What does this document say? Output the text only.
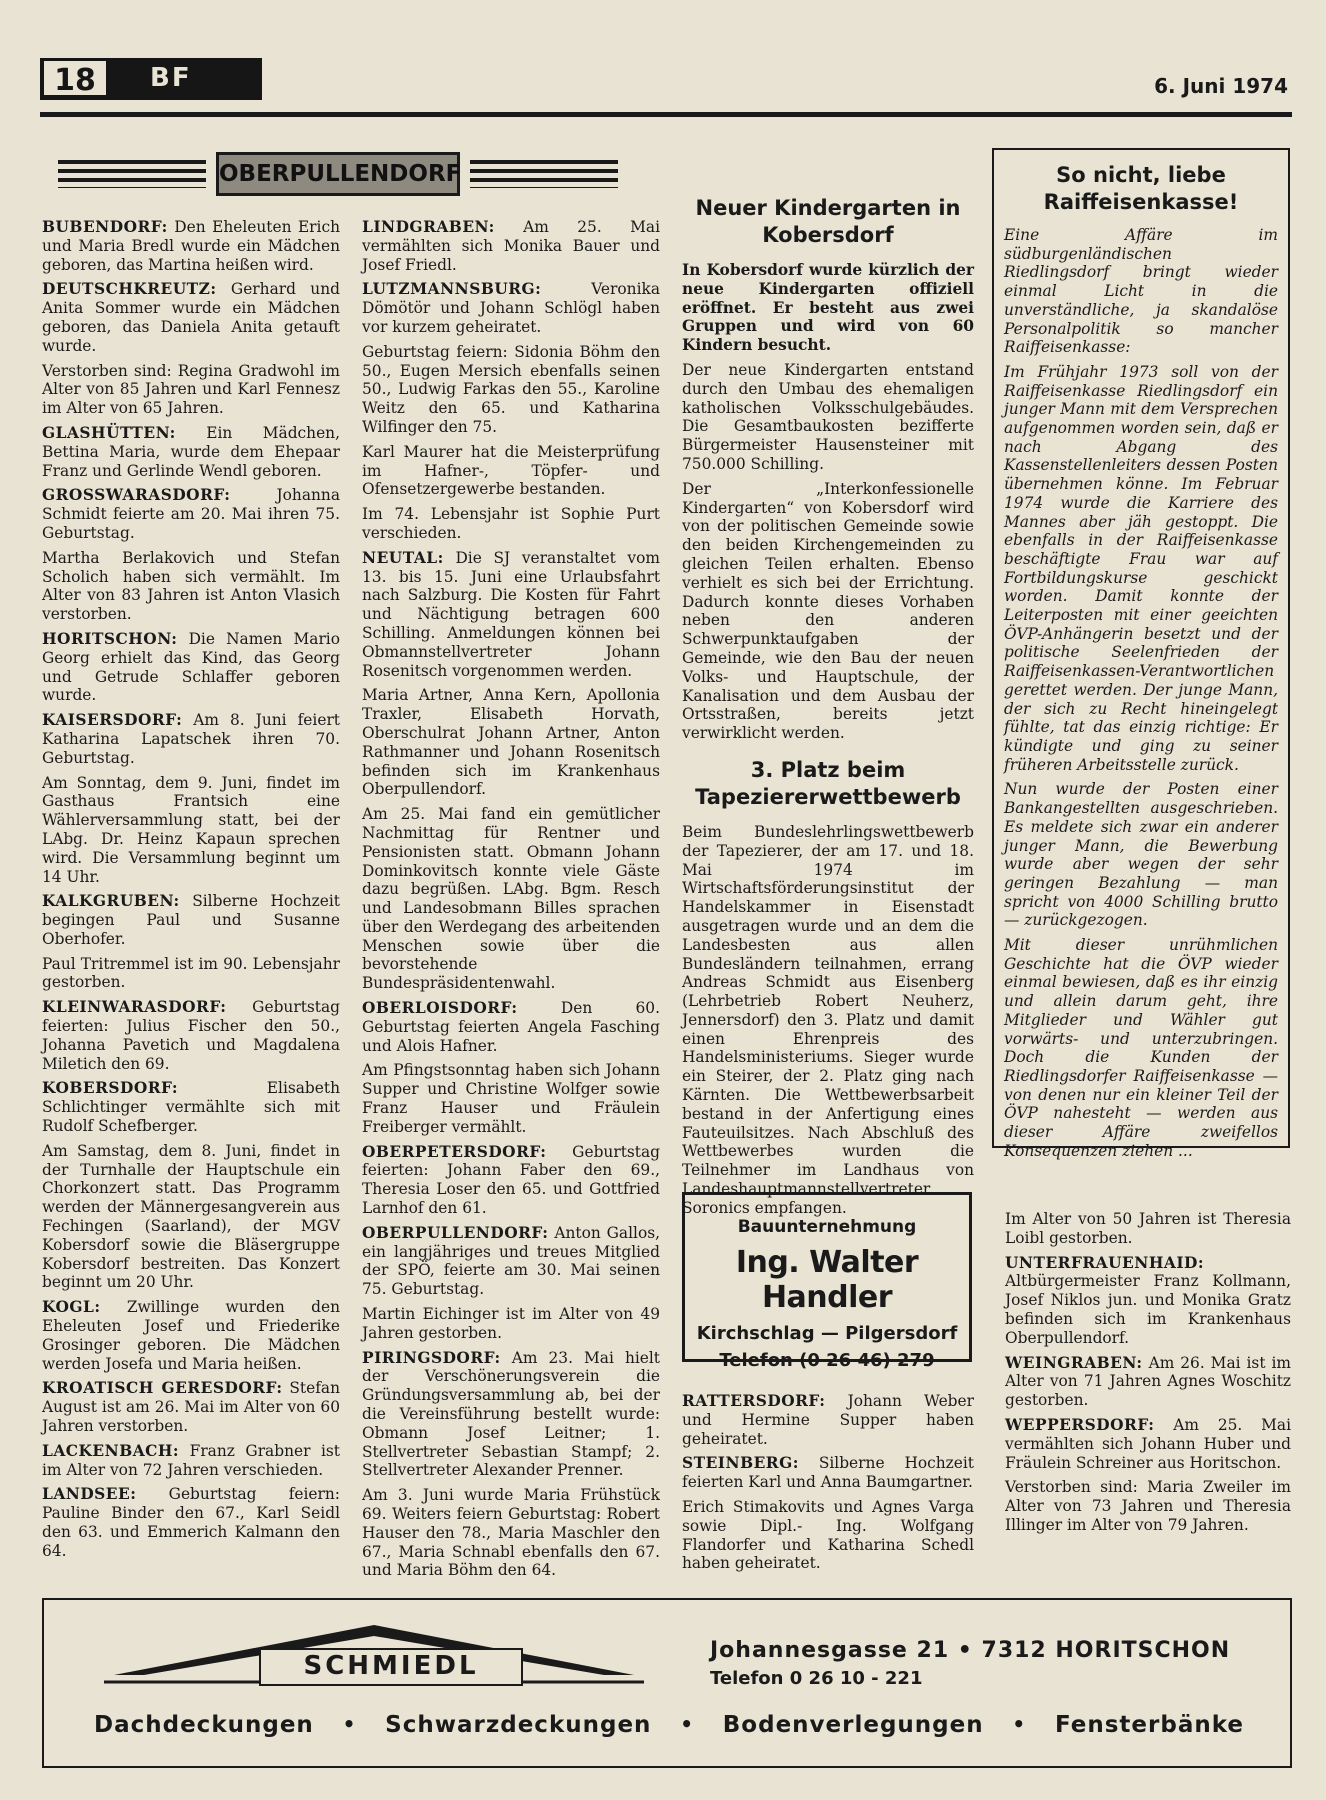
18	BF	6. Juni 1974
OBERPULLENDORF

BUBENDORF: Den Eheleuten Erich und Maria Bredl wurde ein Mädchen geboren, das Martina heißen wird.

DEUTSCHKREUTZ: Gerhard und Anita Sommer wurde ein Mädchen geboren, das Daniela Anita getauft wurde.

Verstorben sind: Regina Gradwohl im Alter von 85 Jahren und Karl Fennesz im Alter von 65 Jahren.

GLASHÜTTEN: Ein Mädchen, Bettina Maria, wurde dem Ehepaar Franz und Gerlinde Wendl geboren.

GROSSWARASDORF: Johanna Schmidt feierte am 20. Mai ihren 75. Geburtstag.

Martha Berlakovich und Stefan Scholich haben sich vermählt. Im Alter von 83 Jahren ist Anton Vlasich verstorben.

HORITSCHON: Die Namen Mario Georg erhielt das Kind, das Georg und Getrude Schlaffer geboren wurde.

KAISERSDORF: Am 8. Juni feiert Katharina Lapatschek ihren 70. Geburtstag.

Am Sonntag, dem 9. Juni, findet im Gasthaus Frantsich eine Wählerversammlung statt, bei der LAbg. Dr. Heinz Kapaun sprechen wird. Die Versammlung beginnt um 14 Uhr.

KALKGRUBEN: Silberne Hochzeit begingen Paul und Susanne Oberhofer.

Paul Tritremmel ist im 90. Lebensjahr gestorben.

KLEINWARASDORF: Geburtstag feierten: Julius Fischer den 50., Johanna Pavetich und Magdalena Miletich den 69.

KOBERSDORF: Elisabeth Schlichtinger vermählte sich mit Rudolf Schefberger.

Am Samstag, dem 8. Juni, findet in der Turnhalle der Hauptschule ein Chorkonzert statt. Das Programm werden der Männergesangverein aus Fechingen (Saarland), der MGV Kobersdorf sowie die Bläsergruppe Kobersdorf bestreiten. Das Konzert beginnt um 20 Uhr.

KOGL: Zwillinge wurden den Eheleuten Josef und Friederike Grosinger geboren. Die Mädchen werden Josefa und Maria heißen.

KROATISCH GERESDORF: Stefan August ist am 26. Mai im Alter von 60 Jahren verstorben.

LACKENBACH: Franz Grabner ist im Alter von 72 Jahren verschieden.

LANDSEE: Geburtstag feiern: Pauline Binder den 67., Karl Seidl den 63. und Emmerich Kalmann den 64.

LINDGRABEN: Am 25. Mai vermählten sich Monika Bauer und Josef Friedl.

LUTZMANNSBURG: Veronika Dömötör und Johann Schlögl haben vor kurzem geheiratet.

Geburtstag feiern: Sidonia Böhm den 50., Eugen Mersich ebenfalls seinen 50., Ludwig Farkas den 55., Karoline Weitz den 65. und Katharina Wilfinger den 75.

Karl Maurer hat die Meisterprüfung im Hafner-, Töpfer- und Ofensetzergewerbe bestanden.

Im 74. Lebensjahr ist Sophie Purt verschieden.

NEUTAL: Die SJ veranstaltet vom 13. bis 15. Juni eine Urlaubsfahrt nach Salzburg. Die Kosten für Fahrt und Nächtigung betragen 600 Schilling. Anmeldungen können bei Obmannstellvertreter Johann Rosenitsch vorgenommen werden.

Maria Artner, Anna Kern, Apollonia Traxler, Elisabeth Horvath, Oberschulrat Johann Artner, Anton Rathmanner und Johann Rosenitsch befinden sich im Krankenhaus Oberpullendorf.

Am 25. Mai fand ein gemütlicher Nachmittag für Rentner und Pensionisten statt. Obmann Johann Dominkovitsch konnte viele Gäste dazu begrüßen. LAbg. Bgm. Resch und Landesobmann Billes sprachen über den Werdegang des arbeitenden Menschen sowie über die bevorstehende Bundespräsidentenwahl.

OBERLOISDORF: Den 60. Geburtstag feierten Angela Fasching und Alois Hafner.

Am Pfingstsonntag haben sich Johann Supper und Christine Wolfger sowie Franz Hauser und Fräulein Freiberger vermählt.

OBERPETERSDORF: Geburtstag feierten: Johann Faber den 69., Theresia Loser den 65. und Gottfried Larnhof den 61.

OBERPULLENDORF: Anton Gallos, ein langjähriges und treues Mitglied der SPÖ, feierte am 30. Mai seinen 75. Geburtstag.

Martin Eichinger ist im Alter von 49 Jahren gestorben.

PIRINGSDORF: Am 23. Mai hielt der Verschönerungsverein die Gründungsversammlung ab, bei der die Vereinsführung bestellt wurde: Obmann Josef Leitner; 1. Stellvertreter Sebastian Stampf; 2. Stellvertreter Alexander Prenner.

Am 3. Juni wurde Maria Frühstück 69. Weiters feiern Geburtstag: Robert Hauser den 78., Maria Maschler den 67., Maria Schnabl ebenfalls den 67. und Maria Böhm den 64.

Neuer Kindergarten in Kobersdorf

In Kobersdorf wurde kürzlich der neue Kindergarten offiziell eröffnet. Er besteht aus zwei Gruppen und wird von 60 Kindern besucht.

Der neue Kindergarten entstand durch den Umbau des ehemaligen katholischen Volksschulgebäudes. Die Gesamtbaukosten bezifferte Bürgermeister Hausensteiner mit 750.000 Schilling.

Der „Interkonfessionelle Kindergarten“ von Kobersdorf wird von der politischen Gemeinde sowie den beiden Kirchengemeinden zu gleichen Teilen erhalten. Ebenso verhielt es sich bei der Errichtung. Dadurch konnte dieses Vorhaben neben den anderen Schwerpunktaufgaben der Gemeinde, wie den Bau der neuen Volks- und Hauptschule, der Kanalisation und dem Ausbau der Ortsstraßen, bereits jetzt verwirklicht werden.

3. Platz beim Tapeziererwettbewerb

Beim Bundeslehrlingswettbewerb der Tapezierer, der am 17. und 18. Mai 1974 im Wirtschaftsförderungsinstitut der Handelskammer in Eisenstadt ausgetragen wurde und an dem die Landesbesten aus allen Bundesländern teilnahmen, errang Andreas Schmidt aus Eisenberg (Lehrbetrieb Robert Neuherz, Jennersdorf) den 3. Platz und damit einen Ehrenpreis des Handelsministeriums. Sieger wurde ein Steirer, der 2. Platz ging nach Kärnten. Die Wettbewerbsarbeit bestand in der Anfertigung eines Fauteuilsitzes. Nach Abschluß des Wettbewerbes wurden die Teilnehmer im Landhaus von Landeshauptmannstellvertreter Soronics empfangen.

So nicht, liebe Raiffeisenkasse!

Eine Affäre im südburgenländischen Riedlingsdorf bringt wieder einmal Licht in die unverständliche, ja skandalöse Personalpolitik so mancher Raiffeisenkasse:

Im Frühjahr 1973 soll von der Raiffeisenkasse Riedlingsdorf ein junger Mann mit dem Versprechen aufgenommen worden sein, daß er nach Abgang des Kassenstellenleiters dessen Posten übernehmen könne. Im Februar 1974 wurde die Karriere des Mannes aber jäh gestoppt. Die ebenfalls in der Raiffeisenkasse beschäftigte Frau war auf Fortbildungskurse geschickt worden. Damit konnte der Leiterposten mit einer geeichten ÖVP-Anhängerin besetzt und der politische Seelenfrieden der Raiffeisenkassen-Verantwortlichen gerettet werden. Der junge Mann, der sich zu Recht hineingelegt fühlte, tat das einzig richtige: Er kündigte und ging zu seiner früheren Arbeitsstelle zurück.

Nun wurde der Posten einer Bankangestellten ausgeschrieben. Es meldete sich zwar ein anderer junger Mann, die Bewerbung wurde aber wegen der sehr geringen Bezahlung — man spricht von 4000 Schilling brutto — zurückgezogen.

Mit dieser unrühmlichen Geschichte hat die ÖVP wieder einmal bewiesen, daß es ihr einzig und allein darum geht, ihre Mitglieder und Wähler gut vorwärts- und unterzubringen. Doch die Kunden der Riedlingsdorfer Raiffeisenkasse — von denen nur ein kleiner Teil der ÖVP nahesteht — werden aus dieser Affäre zweifellos Konsequenzen ziehen ...

Bauunternehmung
Ing. Walter Handler
Kirchschlag — Pilgersdorf
Telefon (0 26 46) 279

RATTERSDORF: Johann Weber und Hermine Supper haben geheiratet.

STEINBERG: Silberne Hochzeit feierten Karl und Anna Baumgartner.

Erich Stimakovits und Agnes Varga sowie Dipl.- Ing. Wolfgang Flandorfer und Katharina Schedl haben geheiratet.

Im Alter von 50 Jahren ist Theresia Loibl gestorben.

UNTERFRAUENHAID: Altbürgermeister Franz Kollmann, Josef Niklos jun. und Monika Gratz befinden sich im Krankenhaus Oberpullendorf.

WEINGRABEN: Am 26. Mai ist im Alter von 71 Jahren Agnes Woschitz gestorben.

WEPPERSDORF: Am 25. Mai vermählten sich Johann Huber und Fräulein Schreiner aus Horitschon.

Verstorben sind: Maria Zweiler im Alter von 73 Jahren und Theresia Illinger im Alter von 79 Jahren.

SCHMIEDL
Johannesgasse 21 • 7312 HORITSCHON
Telefon 0 26 10 - 221
Dachdeckungen • Schwarzdeckungen • Bodenverlegungen • Fensterbänke
